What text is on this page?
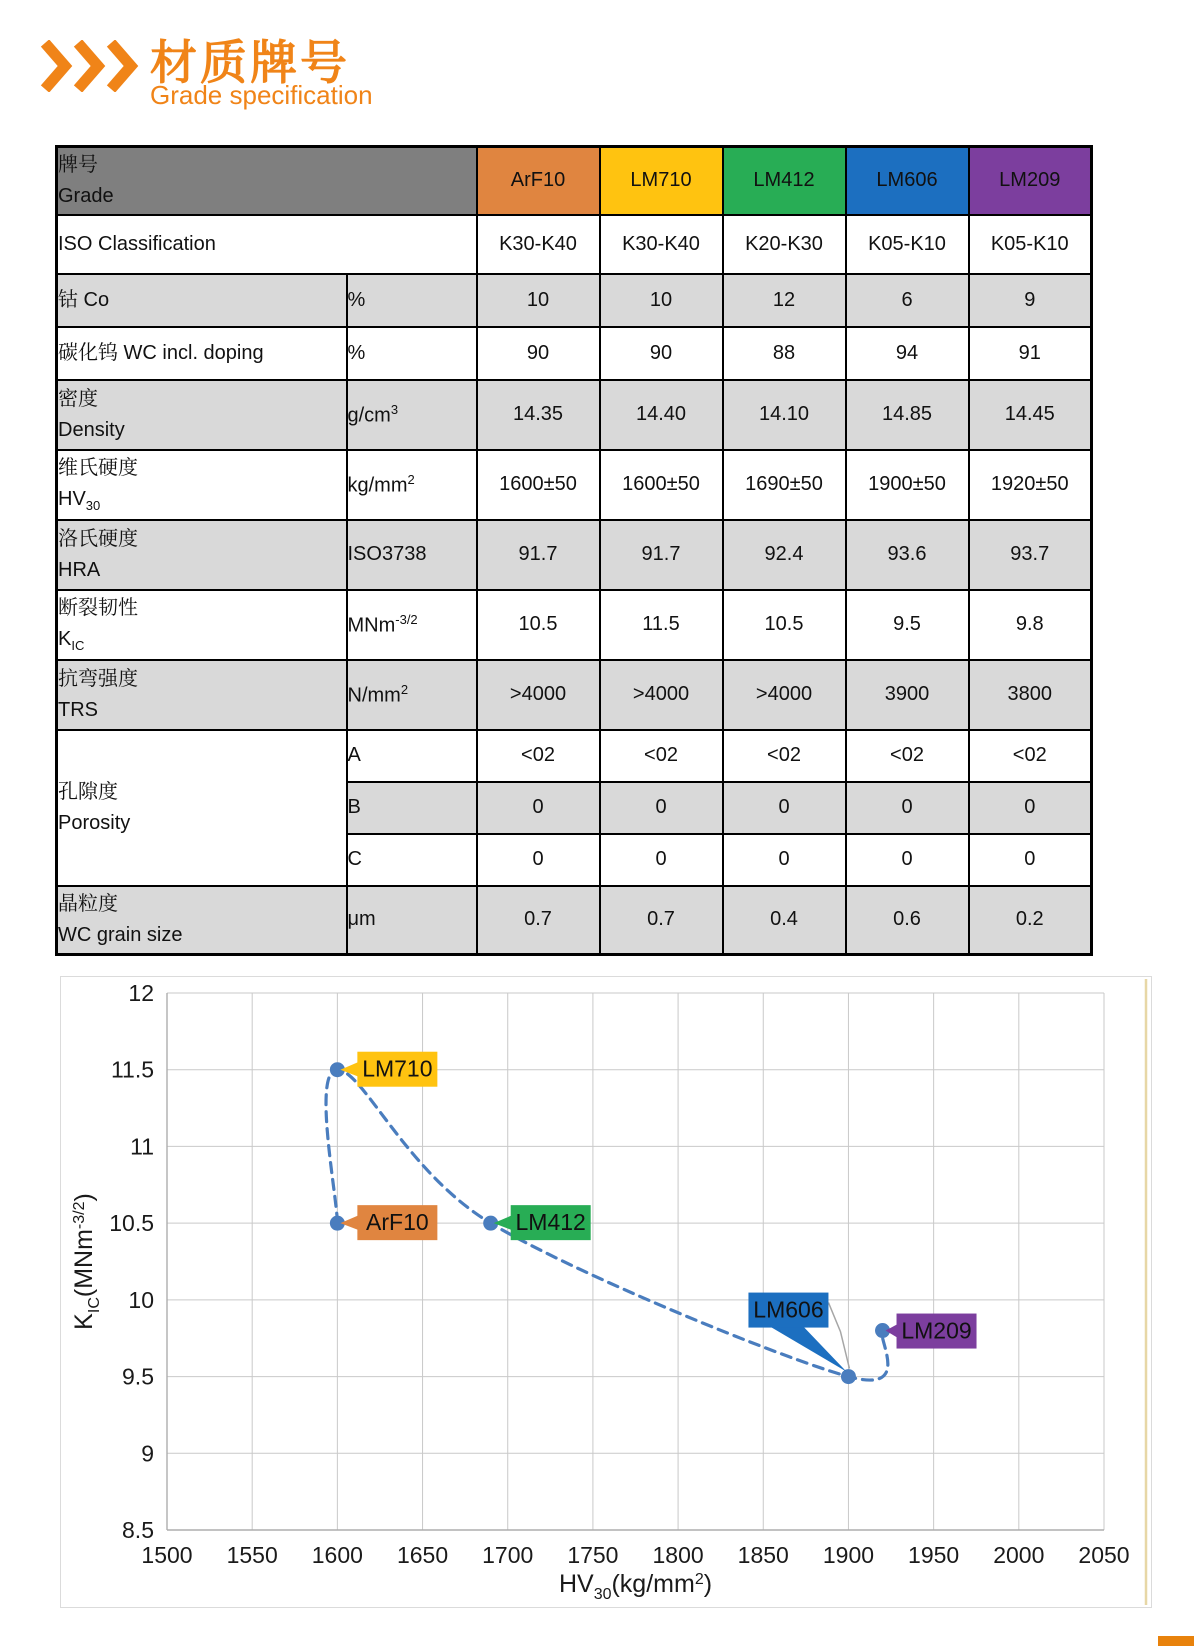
材质牌号
Grade specification
牌号
Grade		ArF10	LM710	LM412	LM606	LM209
ISO Classification		K30-K40	K30-K40	K20-K30	K05-K10	K05-K10

钴 Co	%	10	10	12	6	9

碳化钨 WC incl. doping	%	90	90	88	94	91

密度
Density	$g/cm^3$	14.35	14.40	14.10	14.85	14.45

维氏硬度
$HV_{30}$	$kg/mm^2$	1600±50	1600±50	1690±50	1900±50	1920±50

洛氏硬度
HRA	ISO3738	91.7	91.7	92.4	93.6	93.7

断裂韧性
$K_{IC}$	MNm$^{-3/2}$	10.5	11.5	10.5	9.5	9.8

抗弯强度
TRS	$N/mm^2$	>4000	>4000	>4000	3900	3800

孔隙度
Porosity	A	<02	<02	<02	<02	<02
	B	0	0	0	0	0
	C	0	0	0	0	0

晶粒度
WC grain size	μm	0.7	0.7	0.4	0.6	0.2
8.5
9
9.5
10
10.5
11
11.5
12
1500 1550 1600 1650 1700 1750 1800 1850 1900 1950 2000 2050
$HV_{30}(kg/mm^2)$
$K_{IC}(MNm^{-3/2})$
ArF10
LM710
LM412
LM606
LM209
